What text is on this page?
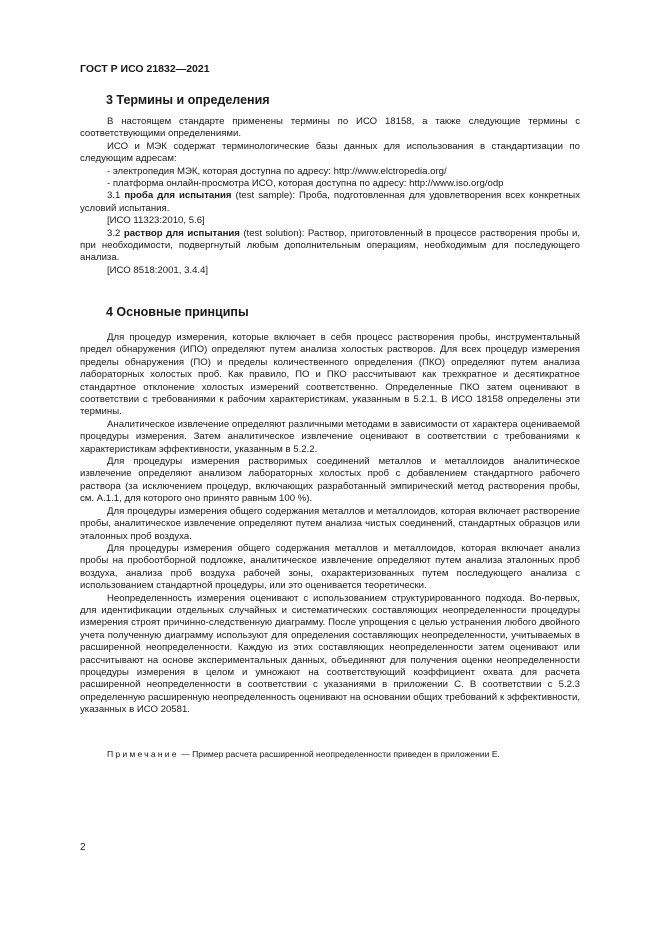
ГОСТ Р ИСО 21832—2021
3 Термины и определения

В настоящем стандарте применены термины по ИСО 18158, а также следующие термины с соответствующими определениями.

ИСО и МЭК содержат терминологические базы данных для использования в стандартизации по следующим адресам:

- электропедия МЭК, которая доступна по адресу: http://www.elctropedia.org/

- платформа онлайн-просмотра ИСО, которая доступна по адресу: http://www.iso.org/odp

3.1 проба для испытания (test sample): Проба, подготовленная для удовлетворения всех конкретных условий испытания.

[ИСО 11323:2010, 5.6]

3.2 раствор для испытания (test solution): Раствор, приготовленный в процессе растворения пробы и, при необходимости, подвергнутый любым дополнительным операциям, необходимым для последующего анализа.

[ИСО 8518:2001, 3.4.4]

4 Основные принципы

Для процедур измерения, которые включает в себя процесс растворения пробы, инструментальный предел обнаружения (ИПО) определяют путем анализа холостых растворов. Для всех процедур измерения пределы обнаружения (ПО) и пределы количественного определения (ПКО) определяют путем анализа лабораторных холостых проб. Как правило, ПО и ПКО рассчитывают как трехкратное и десятикратное стандартное отклонение холостых измерений соответственно. Определенные ПКО затем оценивают в соответствии с требованиями к рабочим характеристикам, указанным в 5.2.1. В ИСО 18158 определены эти термины.

Аналитическое извлечение определяют различными методами в зависимости от характера оцениваемой процедуры измерения. Затем аналитическое извлечение оценивают в соответствии с требованиями к характеристикам эффективности, указанным в 5.2.2.

Для процедуры измерения растворимых соединений металлов и металлоидов аналитическое извлечение определяют анализом лабораторных холостых проб с добавлением стандартного рабочего раствора (за исключением процедур, включающих разработанный эмпирический метод растворения пробы, см. А.1.1, для которого оно принято равным 100 %).

Для процедуры измерения общего содержания металлов и металлоидов, которая включает растворение пробы, аналитическое извлечение определяют путем анализа чистых соединений, стандартных образцов или эталонных проб воздуха.

Для процедуры измерения общего содержания металлов и металлоидов, которая включает анализ пробы на пробоотборной подложке, аналитическое извлечение определяют путем анализа эталонных проб воздуха, анализа проб воздуха рабочей зоны, охарактеризованных путем последующего анализа с использованием стандартной процедуры, или это оценивается теоретически.

Неопределенность измерения оценивают с использованием структурированного подхода. Во-первых, для идентификации отдельных случайных и систематических составляющих неопределенности процедуры измерения строят причинно-следственную диаграмму. После упрощения с целью устранения любого двойного учета полученную диаграмму используют для определения составляющих неопределенности, учитываемых в расширенной неопределенности. Каждую из этих составляющих неопределенности затем оценивают или рассчитывают на основе экспериментальных данных, объединяют для получения оценки неопределенности процедуры измерения в целом и умножают на соответствующий коэффициент охвата для расчета расширенной неопределенности в соответствии с указаниями в приложении С. В соответствии с 5.2.3 определенную расширенную неопределенность оценивают на основании общих требований к эффективности, указанных в ИСО 20581.

Примечание — Пример расчета расширенной неопределенности приведен в приложении Е.
2
